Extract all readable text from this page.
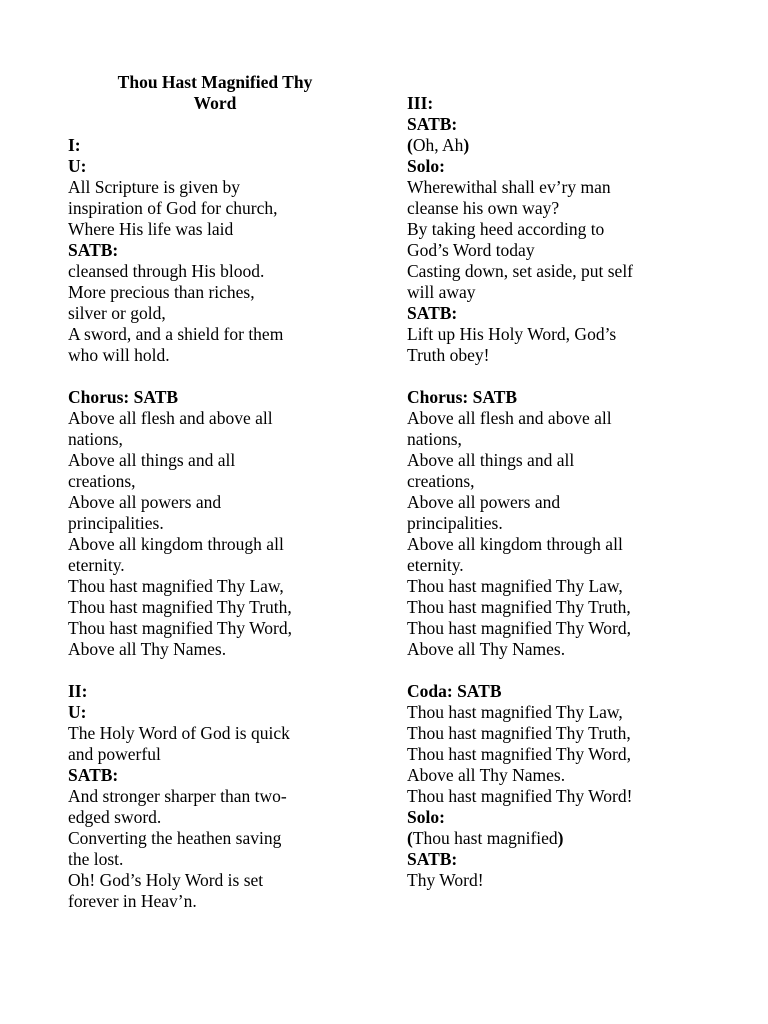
Thou Hast Magnified Thy
Word
I:
U:
All Scripture is given by
inspiration of God for church,
Where His life was laid
SATB:
cleansed through His blood.
More precious than riches,
silver or gold,
A sword, and a shield for them
who will hold.
Chorus: SATB
Above all flesh and above all
nations,
Above all things and all
creations,
Above all powers and
principalities.
Above all kingdom through all
eternity.
Thou hast magnified Thy Law,
Thou hast magnified Thy Truth,
Thou hast magnified Thy Word,
Above all Thy Names.
II:
U:
The Holy Word of God is quick
and powerful
SATB:
And stronger sharper than two-
edged sword.
Converting the heathen saving
the lost.
Oh! God’s Holy Word is set
forever in Heav’n.
III:
SATB:
(Oh, Ah)
Solo:
Wherewithal shall ev’ry man
cleanse his own way?
By taking heed according to
God’s Word today
Casting down, set aside, put self
will away
SATB:
Lift up His Holy Word, God’s
Truth obey!
Chorus: SATB
Above all flesh and above all
nations,
Above all things and all
creations,
Above all powers and
principalities.
Above all kingdom through all
eternity.
Thou hast magnified Thy Law,
Thou hast magnified Thy Truth,
Thou hast magnified Thy Word,
Above all Thy Names.
Coda: SATB
Thou hast magnified Thy Law,
Thou hast magnified Thy Truth,
Thou hast magnified Thy Word,
Above all Thy Names.
Thou hast magnified Thy Word!
Solo:
(Thou hast magnified)
SATB:
Thy Word!
